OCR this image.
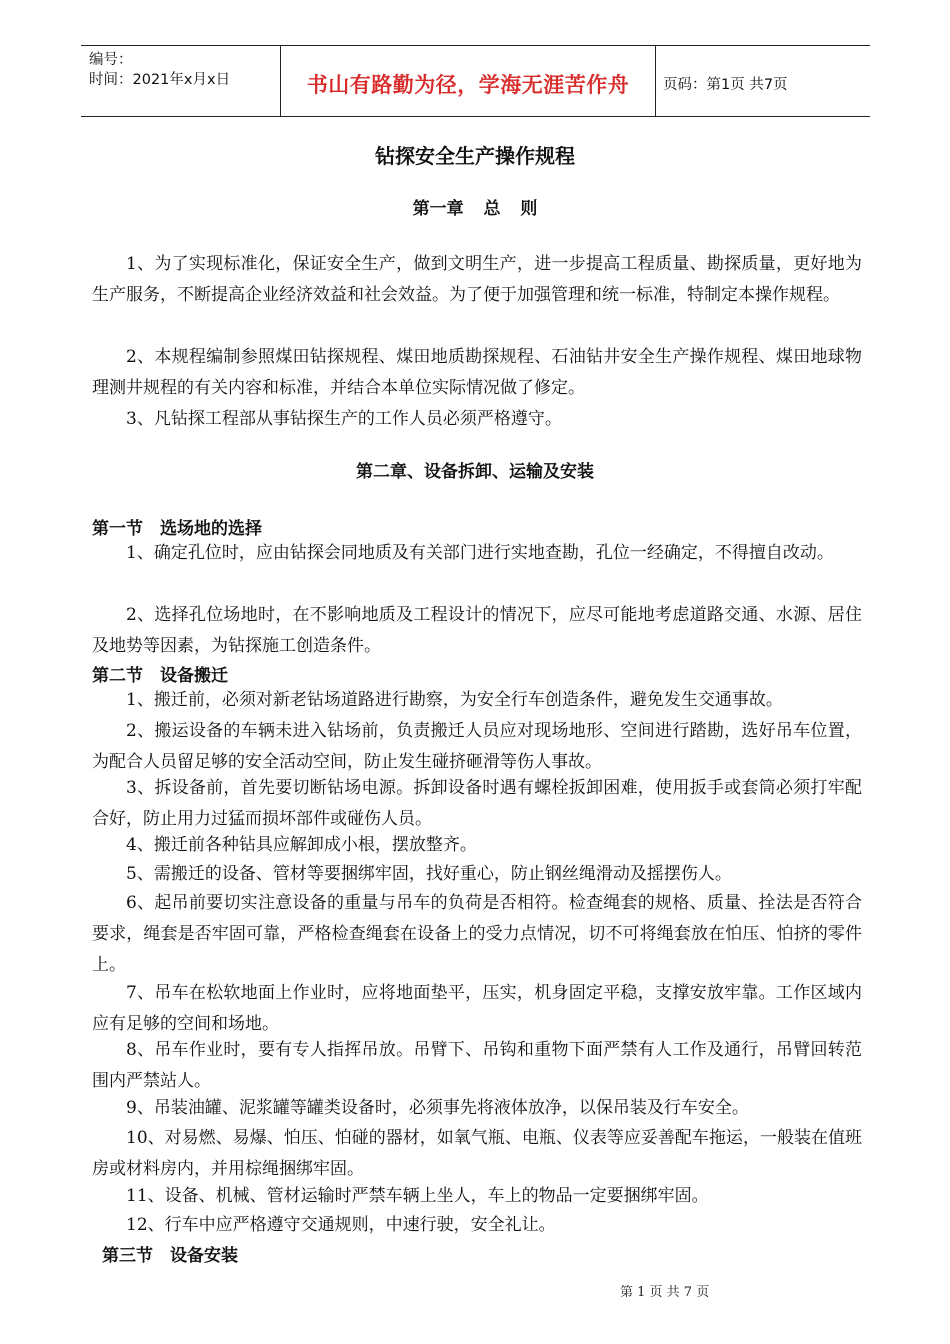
编号：
时间：2021年x月x日	书山有路勤为径，学海无涯苦作舟	页码：第1页 共7页
钻探安全生产操作规程
第一章 总 则

1、为了实现标准化，保证安全生产，做到文明生产，进一步提高工程质量、勘探质量，更好地为生产服务，不断提高企业经济效益和社会效益。为了便于加强管理和统一标准，特制定本操作规程。

2、本规程编制参照煤田钻探规程、煤田地质勘探规程、石油钻井安全生产操作规程、煤田地球物理测井规程的有关内容和标准，并结合本单位实际情况做了修定。

3、凡钻探工程部从事钻探生产的工作人员必须严格遵守。

第二章、设备拆卸、运输及安装
第一节　选场地的选择

1、确定孔位时，应由钻探会同地质及有关部门进行实地查勘，孔位一经确定，不得擅自改动。

2、选择孔位场地时，在不影响地质及工程设计的情况下，应尽可能地考虑道路交通、水源、居住及地势等因素，为钻探施工创造条件。

第二节　设备搬迁

1、搬迁前，必须对新老钻场道路进行勘察，为安全行车创造条件，避免发生交通事故。

2、搬运设备的车辆未进入钻场前，负责搬迁人员应对现场地形、空间进行踏勘，选好吊车位置，为配合人员留足够的安全活动空间，防止发生碰挤砸滑等伤人事故。

3、拆设备前，首先要切断钻场电源。拆卸设备时遇有螺栓扳卸困难，使用扳手或套筒必须打牢配合好，防止用力过猛而损坏部件或碰伤人员。

4、搬迁前各种钻具应解卸成小根，摆放整齐。

5、需搬迁的设备、管材等要捆绑牢固，找好重心，防止钢丝绳滑动及摇摆伤人。

6、起吊前要切实注意设备的重量与吊车的负荷是否相符。检查绳套的规格、质量、拴法是否符合要求，绳套是否牢固可靠，严格检查绳套在设备上的受力点情况，切不可将绳套放在怕压、怕挤的零件上。

7、吊车在松软地面上作业时，应将地面垫平，压实，机身固定平稳，支撑安放牢靠。工作区域内应有足够的空间和场地。

8、吊车作业时，要有专人指挥吊放。吊臂下、吊钩和重物下面严禁有人工作及通行，吊臂回转范围内严禁站人。

9、吊装油罐、泥浆罐等罐类设备时，必须事先将液体放净，以保吊装及行车安全。

10、对易燃、易爆、怕压、怕碰的器材，如氧气瓶、电瓶、仪表等应妥善配车拖运，一般装在值班房或材料房内，并用棕绳捆绑牢固。

11、设备、机械、管材运输时严禁车辆上坐人，车上的物品一定要捆绑牢固。

12、行车中应严格遵守交通规则，中速行驶，安全礼让。

第三节　设备安装
第 1 页 共 7 页
